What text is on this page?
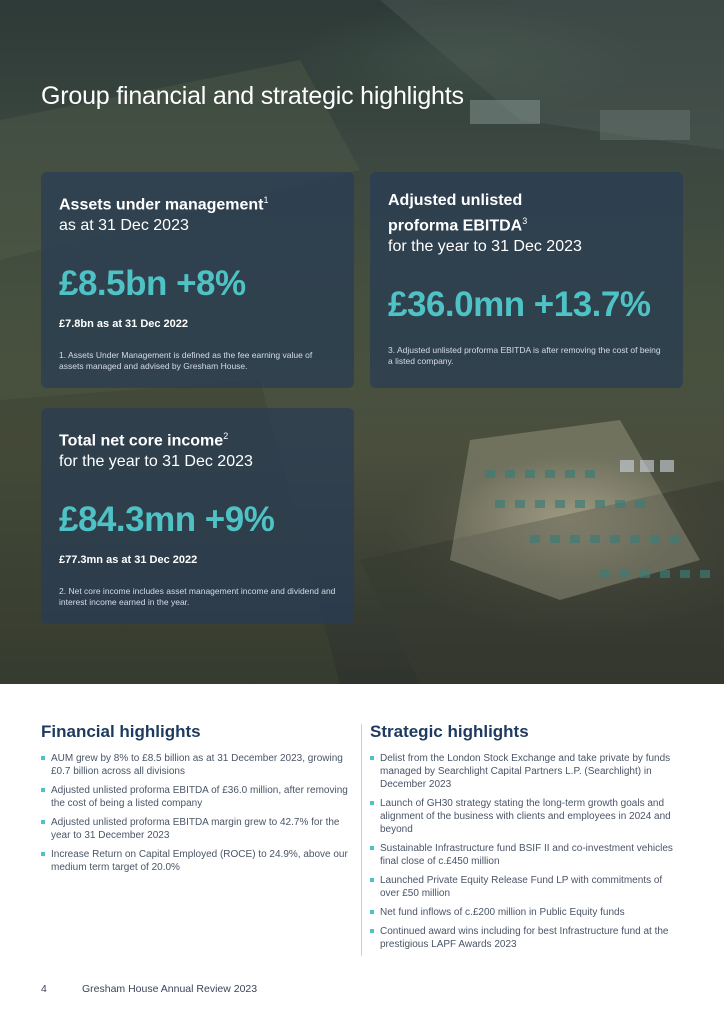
Group financial and strategic highlights
Assets under management$^1$
as at 31 Dec 2023
£8.5bn +8%
£7.8bn as at 31 Dec 2022
1. Assets Under Management is defined as the fee earning value of assets managed and advised by Gresham House.
Adjusted unlisted
proforma EBITDA$^3$
for the year to 31 Dec 2023
£36.0mn +13.7%
3. Adjusted unlisted proforma EBITDA is after removing the cost of being a listed company.
Total net core income$^2$
for the year to 31 Dec 2023
£84.3mn +9%
£77.3mn as at 31 Dec 2022
2. Net core income includes asset management income and dividend and interest income earned in the year.
Financial highlights
AUM grew by 8% to £8.5 billion as at 31 December 2023, growing £0.7 billion across all divisions
Adjusted unlisted proforma EBITDA of £36.0 million, after removing the cost of being a listed company
Adjusted unlisted proforma EBITDA margin grew to 42.7% for the year to 31 December 2023
Increase Return on Capital Employed (ROCE) to 24.9%, above our medium term target of 20.0%
Strategic highlights
Delist from the London Stock Exchange and take private by funds managed by Searchlight Capital Partners L.P. (Searchlight) in December 2023
Launch of GH30 strategy stating the long-term growth goals and alignment of the business with clients and employees in 2024 and beyond
Sustainable Infrastructure fund BSIF II and co-investment vehicles final close of c.£450 million
Launched Private Equity Release Fund LP with commitments of over £50 million
Net fund inflows of c.£200 million in Public Equity funds
Continued award wins including for best Infrastructure fund at the prestigious LAPF Awards 2023
4	Gresham House Annual Review 2023
